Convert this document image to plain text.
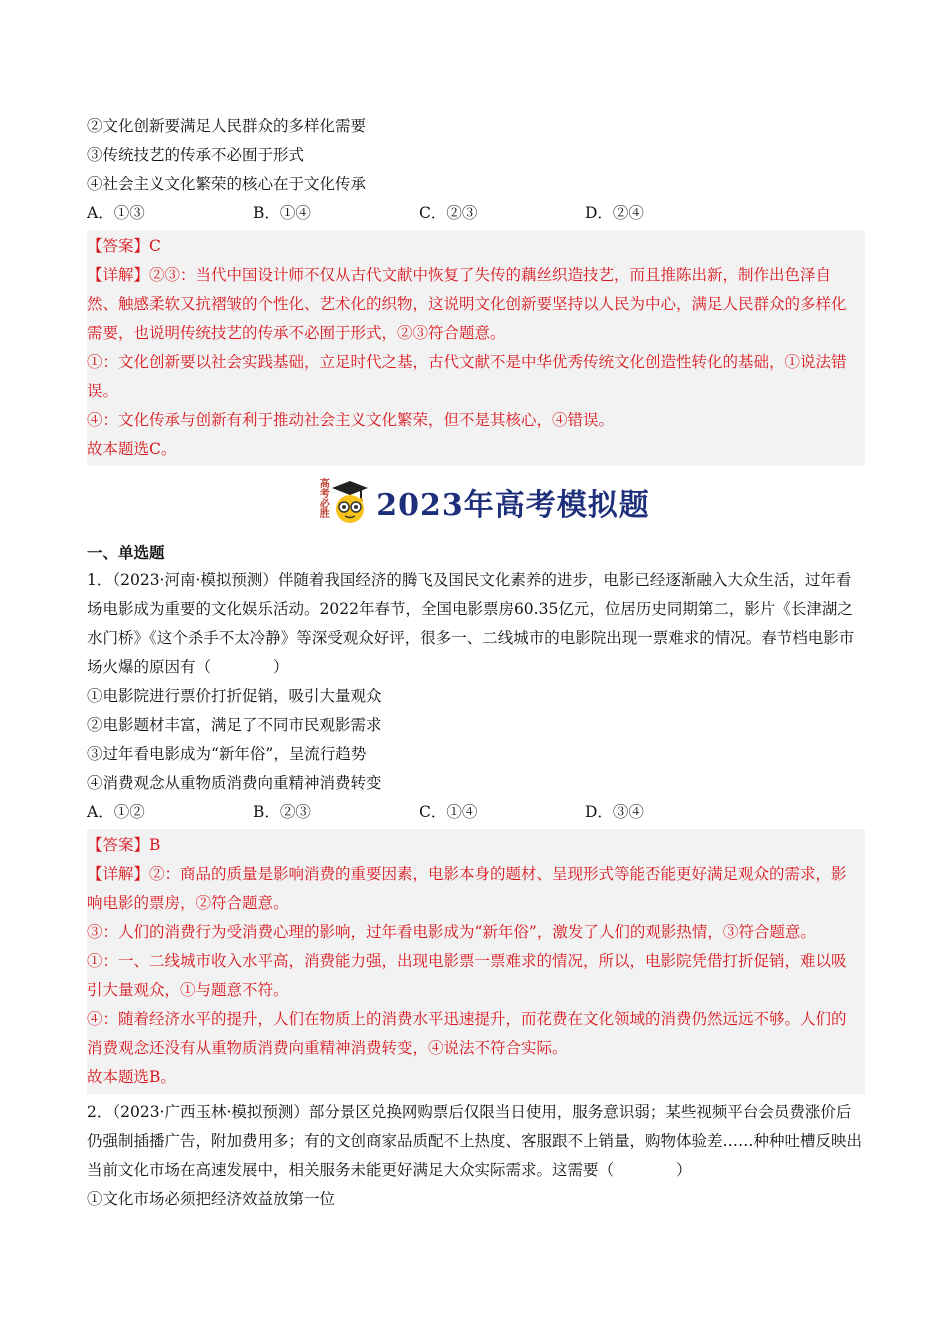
②文化创新要满足人民群众的多样化需要
③传统技艺的传承不必囿于形式
④社会主义文化繁荣的核心在于文化传承
A．①③	B．①④	C．②③	D．②④
【答案】C
【详解】②③：当代中国设计师不仅从古代文献中恢复了失传的藕丝织造技艺，而且推陈出新，制作出色泽自然、触感柔软又抗褶皱的个性化、艺术化的织物，这说明文化创新要坚持以人民为中心，满足人民群众的多样化需要，也说明传统技艺的传承不必囿于形式，②③符合题意。
①：文化创新要以社会实践基础，立足时代之基，古代文献不是中华优秀传统文化创造性转化的基础，①说法错误。
④：文化传承与创新有利于推动社会主义文化繁荣，但不是其核心，④错误。
故本题选C。
高考必胜 2023年高考模拟题
一、单选题
1．（2023·河南·模拟预测）伴随着我国经济的腾飞及国民文化素养的进步，电影已经逐渐融入大众生活，过年看场电影成为重要的文化娱乐活动。2022年春节，全国电影票房60.35亿元，位居历史同期第二，影片《长津湖之水门桥》《这个杀手不太冷静》等深受观众好评，很多一、二线城市的电影院出现一票难求的情况。春节档电影市场火爆的原因有（　　　　）
①电影院进行票价打折促销，吸引大量观众
②电影题材丰富，满足了不同市民观影需求
③过年看电影成为“新年俗”，呈流行趋势
④消费观念从重物质消费向重精神消费转变
A．①②	B．②③	C．①④	D．③④
【答案】B
【详解】②：商品的质量是影响消费的重要因素，电影本身的题材、呈现形式等能否能更好满足观众的需求，影响电影的票房，②符合题意。
③：人们的消费行为受消费心理的影响，过年看电影成为“新年俗”，激发了人们的观影热情，③符合题意。
①：一、二线城市收入水平高，消费能力强，出现电影票一票难求的情况，所以，电影院凭借打折促销，难以吸引大量观众，①与题意不符。
④：随着经济水平的提升，人们在物质上的消费水平迅速提升，而花费在文化领域的消费仍然远远不够。人们的消费观念还没有从重物质消费向重精神消费转变，④说法不符合实际。
故本题选B。
2．（2023·广西玉林·模拟预测）部分景区兑换网购票后仅限当日使用，服务意识弱；某些视频平台会员费涨价后仍强制插播广告，附加费用多；有的文创商家品质配不上热度、客服跟不上销量，购物体验差……种种吐槽反映出当前文化市场在高速发展中，相关服务未能更好满足大众实际需求。这需要（　　　　）
①文化市场必须把经济效益放第一位
